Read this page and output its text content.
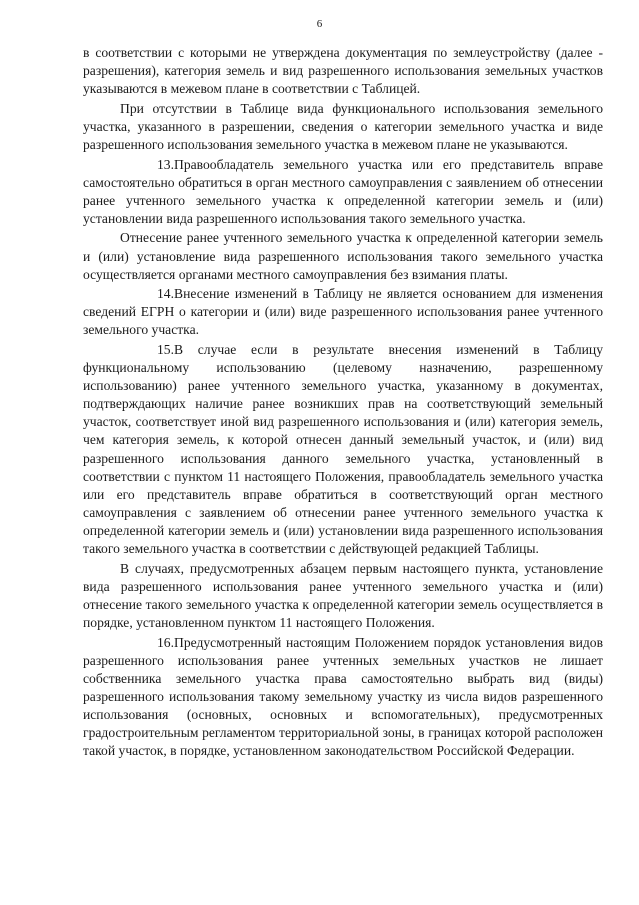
6

в соответствии с которыми не утверждена документация по землеустройству (далее - разрешения), категория земель и вид разрешенного использования земельных участков указываются в межевом плане в соответствии с Таблицей.

При отсутствии в Таблице вида функционального использования земельного участка, указанного в разрешении, сведения о категории земельного участка и виде разрешенного использования земельного участка в межевом плане не указываются.

13.Правообладатель земельного участка или его представитель вправе самостоятельно обратиться в орган местного самоуправления с заявлением об отнесении ранее учтенного земельного участка к определенной категории земель и (или) установлении вида разрешенного использования такого земельного участка.

Отнесение ранее учтенного земельного участка к определенной категории земель и (или) установление вида разрешенного использования такого земельного участка осуществляется органами местного самоуправления без взимания платы.

14.Внесение изменений в Таблицу не является основанием для изменения сведений ЕГРН о категории и (или) виде разрешенного использования ранее учтенного земельного участка.

15.В случае если в результате внесения изменений в Таблицу функциональному использованию (целевому назначению, разрешенному использованию) ранее учтенного земельного участка, указанному в документах, подтверждающих наличие ранее возникших прав на соответствующий земельный участок, соответствует иной вид разрешенного использования и (или) категория земель, чем категория земель, к которой отнесен данный земельный участок, и (или) вид разрешенного использования данного земельного участка, установленный в соответствии с пунктом 11 настоящего Положения, правообладатель земельного участка или его представитель вправе обратиться в соответствующий орган местного самоуправления с заявлением об отнесении ранее учтенного земельного участка к определенной категории земель и (или) установлении вида разрешенного использования такого земельного участка в соответствии с действующей редакцией Таблицы.

В случаях, предусмотренных абзацем первым настоящего пункта, установление вида разрешенного использования ранее учтенного земельного участка и (или) отнесение такого земельного участка к определенной категории земель осуществляется в порядке, установленном пунктом 11 настоящего Положения.

16.Предусмотренный настоящим Положением порядок установления видов разрешенного использования ранее учтенных земельных участков не лишает собственника земельного участка права самостоятельно выбрать вид (виды) разрешенного использования такому земельному участку из числа видов разрешенного использования (основных, основных и вспомогательных), предусмотренных градостроительным регламентом территориальной зоны, в границах которой расположен такой участок, в порядке, установленном законодательством Российской Федерации.
